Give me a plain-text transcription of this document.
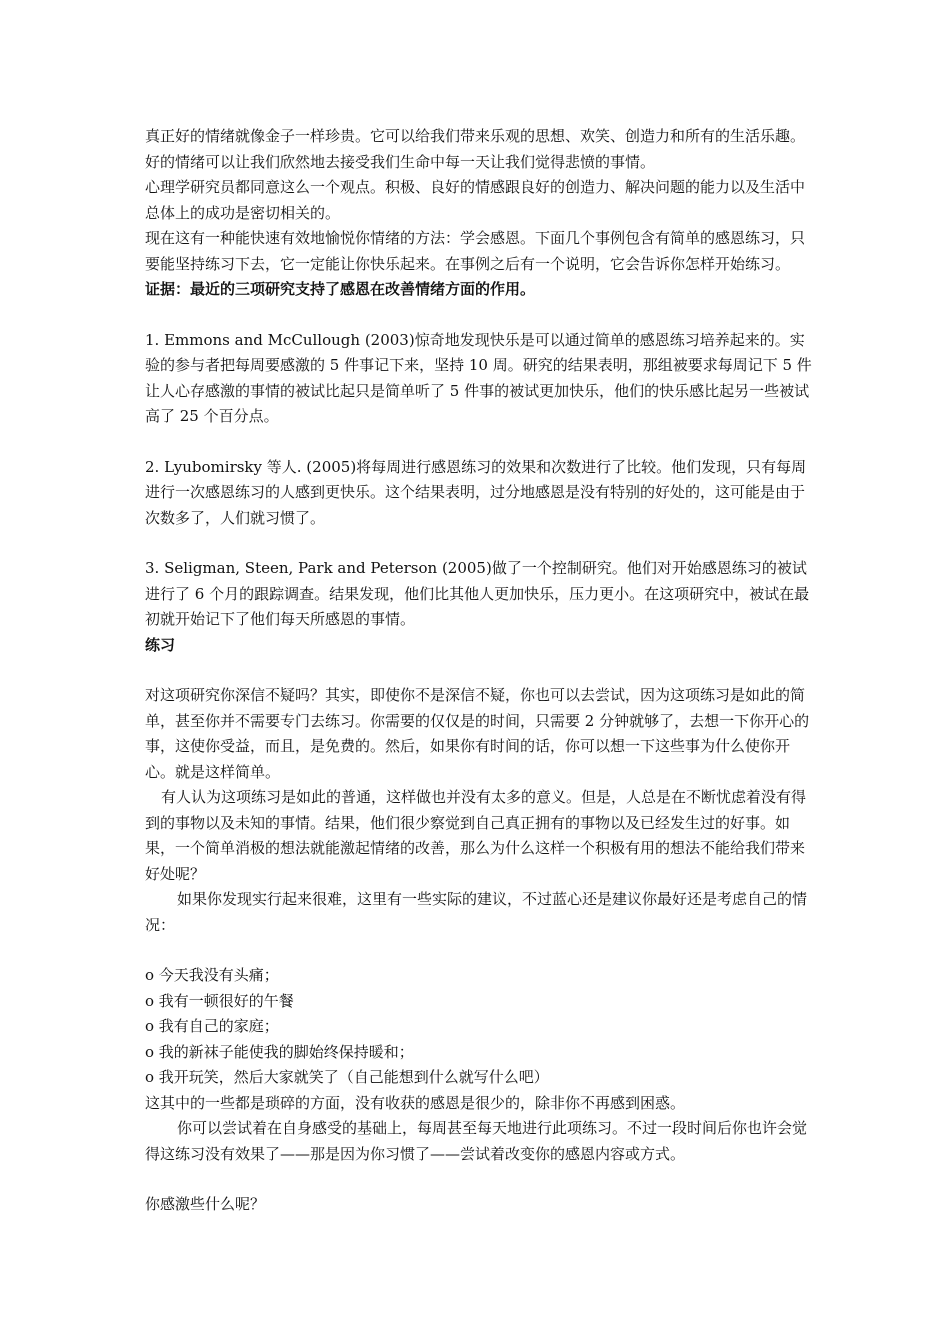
真正好的情绪就像金子一样珍贵。它可以给我们带来乐观的思想、欢笑、创造力和所有的生活乐趣。好的情绪可以让我们欣然地去接受我们生命中每一天让我们觉得悲愤的事情。

心理学研究员都同意这么一个观点。积极、良好的情感跟良好的创造力、解决问题的能力以及生活中总体上的成功是密切相关的。

现在这有一种能快速有效地愉悦你情绪的方法：学会感恩。下面几个事例包含有简单的感恩练习，只要能坚持练习下去，它一定能让你快乐起来。在事例之后有一个说明，它会告诉你怎样开始练习。

证据：最近的三项研究支持了感恩在改善情绪方面的作用。

1. Emmons and McCullough (2003)惊奇地发现快乐是可以通过简单的感恩练习培养起来的。实验的参与者把每周要感激的 5 件事记下来，坚持 10 周。研究的结果表明，那组被要求每周记下 5 件让人心存感激的事情的被试比起只是简单听了 5 件事的被试更加快乐，他们的快乐感比起另一些被试高了 25 个百分点。

2. Lyubomirsky 等人. (2005)将每周进行感恩练习的效果和次数进行了比较。他们发现，只有每周进行一次感恩练习的人感到更快乐。这个结果表明，过分地感恩是没有特别的好处的，这可能是由于次数多了，人们就习惯了。

3. Seligman, Steen, Park and Peterson (2005)做了一个控制研究。他们对开始感恩练习的被试进行了 6 个月的跟踪调查。结果发现，他们比其他人更加快乐，压力更小。在这项研究中，被试在最初就开始记下了他们每天所感恩的事情。

练习

对这项研究你深信不疑吗？其实，即使你不是深信不疑，你也可以去尝试，因为这项练习是如此的简单，甚至你并不需要专门去练习。你需要的仅仅是的时间，只需要 2 分钟就够了，去想一下你开心的事，这使你受益，而且，是免费的。然后，如果你有时间的话，你可以想一下这些事为什么使你开心。就是这样简单。

有人认为这项练习是如此的普通，这样做也并没有太多的意义。但是，人总是在不断忧虑着没有得到的事物以及未知的事情。结果，他们很少察觉到自己真正拥有的事物以及已经发生过的好事。如果，一个简单消极的想法就能激起情绪的改善，那么为什么这样一个积极有用的想法不能给我们带来好处呢？

如果你发现实行起来很难，这里有一些实际的建议，不过蓝心还是建议你最好还是考虑自己的情况：

o 今天我没有头痛；
o 我有一顿很好的午餐
o 我有自己的家庭；
o 我的新袜子能使我的脚始终保持暖和；
o 我开玩笑，然后大家就笑了（自己能想到什么就写什么吧）

这其中的一些都是琐碎的方面，没有收获的感恩是很少的，除非你不再感到困惑。

你可以尝试着在自身感受的基础上，每周甚至每天地进行此项练习。不过一段时间后你也许会觉得这练习没有效果了——那是因为你习惯了——尝试着改变你的感恩内容或方式。

你感激些什么呢？
